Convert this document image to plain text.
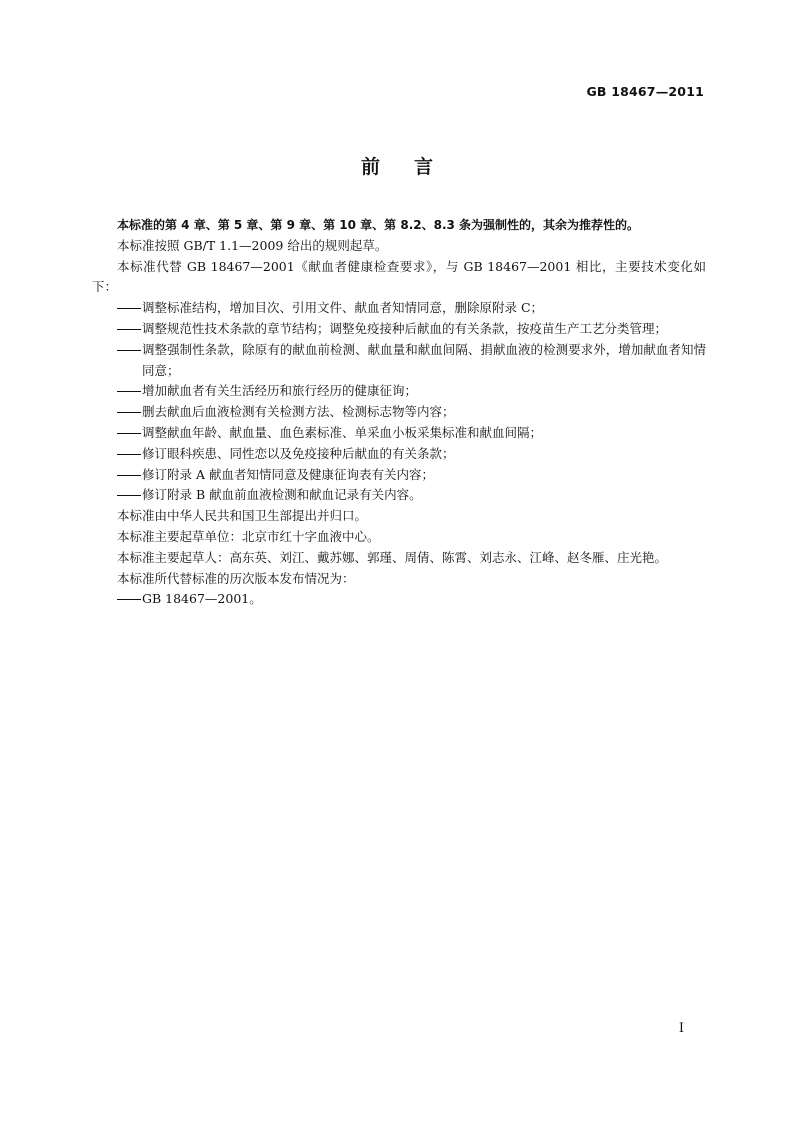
GB 18467—2011
前言

本标准的第 4 章、第 5 章、第 9 章、第 10 章、第 8.2、8.3 条为强制性的，其余为推荐性的。

本标准按照 GB/T 1.1—2009 给出的规则起草。

本标准代替 GB 18467—2001《献血者健康检查要求》，与 GB 18467—2001 相比，主要技术变化如下：

调整标准结构，增加目次、引用文件、献血者知情同意，删除原附录 C；

调整规范性技术条款的章节结构；调整免疫接种后献血的有关条款，按疫苗生产工艺分类管理；

调整强制性条款，除原有的献血前检测、献血量和献血间隔、捐献血液的检测要求外，增加献血者知情同意；

增加献血者有关生活经历和旅行经历的健康征询；

删去献血后血液检测有关检测方法、检测标志物等内容；

调整献血年龄、献血量、血色素标准、单采血小板采集标准和献血间隔；

修订眼科疾患、同性恋以及免疫接种后献血的有关条款；

修订附录 A 献血者知情同意及健康征询表有关内容；

修订附录 B 献血前血液检测和献血记录有关内容。

本标准由中华人民共和国卫生部提出并归口。

本标准主要起草单位：北京市红十字血液中心。

本标准主要起草人：高东英、刘江、戴苏娜、郭瑾、周倩、陈霄、刘志永、江峰、赵冬雁、庄光艳。

本标准所代替标准的历次版本发布情况为：

GB 18467—2001。

I
